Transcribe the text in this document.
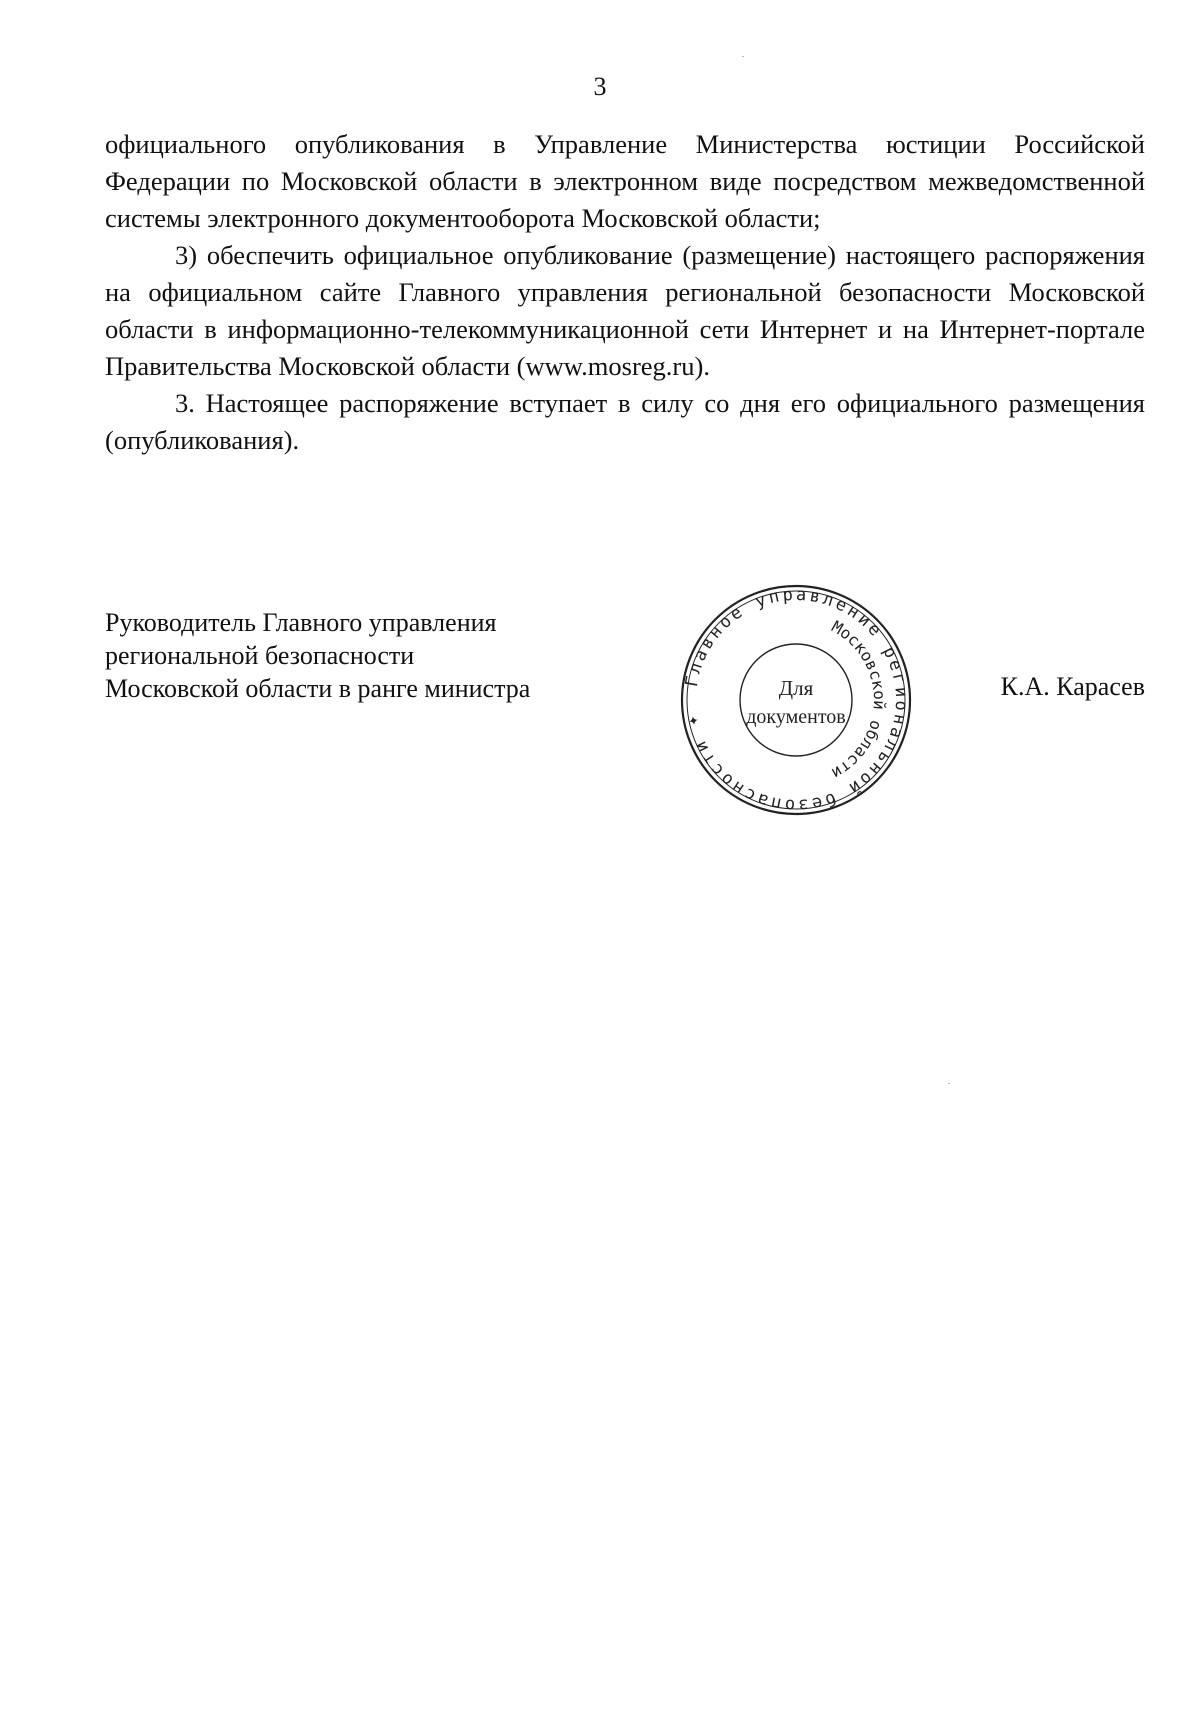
3

официального опубликования в Управление Министерства юстиции Российской Федерации по Московской области в электронном виде посредством межведомственной системы электронного документооборота Московской области;

3) обеспечить официальное опубликование (размещение) настоящего распоряжения на официальном сайте Главного управления региональной безопасности Московской области в информационно-телекоммуникационной сети Интернет и на Интернет-портале Правительства Московской области (www.mosreg.ru).

3. Настоящее распоряжение вступает в силу со дня его официального размещения (опубликования).

Руководитель Главного управления
региональной безопасности
Московской области в ранге министра	Главное управление региональной безопасности ✦
Московской области
Для
документов
К.А. Карасев
